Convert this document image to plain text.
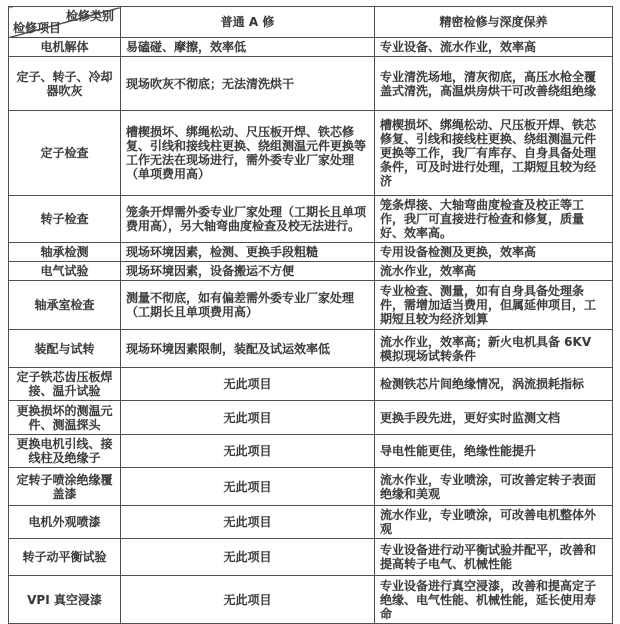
检修类别
检修项目	普通 A 修	精密检修与深度保养
电机解体	易磕碰、摩擦，效率低	专业设备、流水作业，效率高
定子、转子、冷却器吹灰	现场吹灰不彻底；无法清洗烘干	专业清洗场地，清灰彻底，高压水枪全覆盖式清洗，高温烘房烘干可改善绕组绝缘
定子检查	槽楔损坏、绑绳松动、尺压板开焊、铁芯修复、引线和接线柱更换、绕组测温元件更换等工作无法在现场进行，需外委专业厂家处理（单项费用高）	槽楔损坏、绑绳松动、尺压板开焊、铁芯修复、引线和接线柱更换、绕组测温元件更换等工作，我厂有库存、自身具备处理条件，可及时进行处理，工期短且较为经济
转子检查	笼条开焊需外委专业厂家处理（工期长且单项费用高），另大轴弯曲度检查及校无法进行。	笼条焊接、大轴弯曲度检查及校正等工作，我厂可直接进行检查和修复，质量好、效率高。
轴承检测	现场环境因素，检测、更换手段粗糙	专用设备检测及更换，效率高
电气试验	现场环境因素，设备搬运不方便	流水作业，效率高
轴承室检查	测量不彻底，如有偏差需外委专业厂家处理（工期长且单项费用高）	专业检查、测量，如有自身具备处理条件，需增加适当费用，但属延伸项目，工期短且较为经济划算
装配与试转	现场环境因素限制，装配及试运效率低	流水作业，效率高；新火电机具备 6KV 模拟现场试转条件
定子铁芯齿压板焊接、温升试验	无此项目	检测铁芯片间绝缘情况，涡流损耗指标
更换损坏的测温元件、测温探头	无此项目	更换手段先进，更好实时监测文档
更换电机引线、接线柱及绝缘子	无此项目	导电性能更佳，绝缘性能提升
定转子喷涂绝缘覆盖漆	无此项目	流水作业，专业喷涂，可改善定转子表面绝缘和美观
电机外观喷漆	无此项目	流水作业，专业喷涂，可改善电机整体外观
转子动平衡试验	无此项目	专业设备进行动平衡试验并配平，改善和提高转子电气、机械性能
VPI 真空浸漆	无此项目	专业设备进行真空浸漆，改善和提高定子绝缘、电气性能、机械性能，延长使用寿命
